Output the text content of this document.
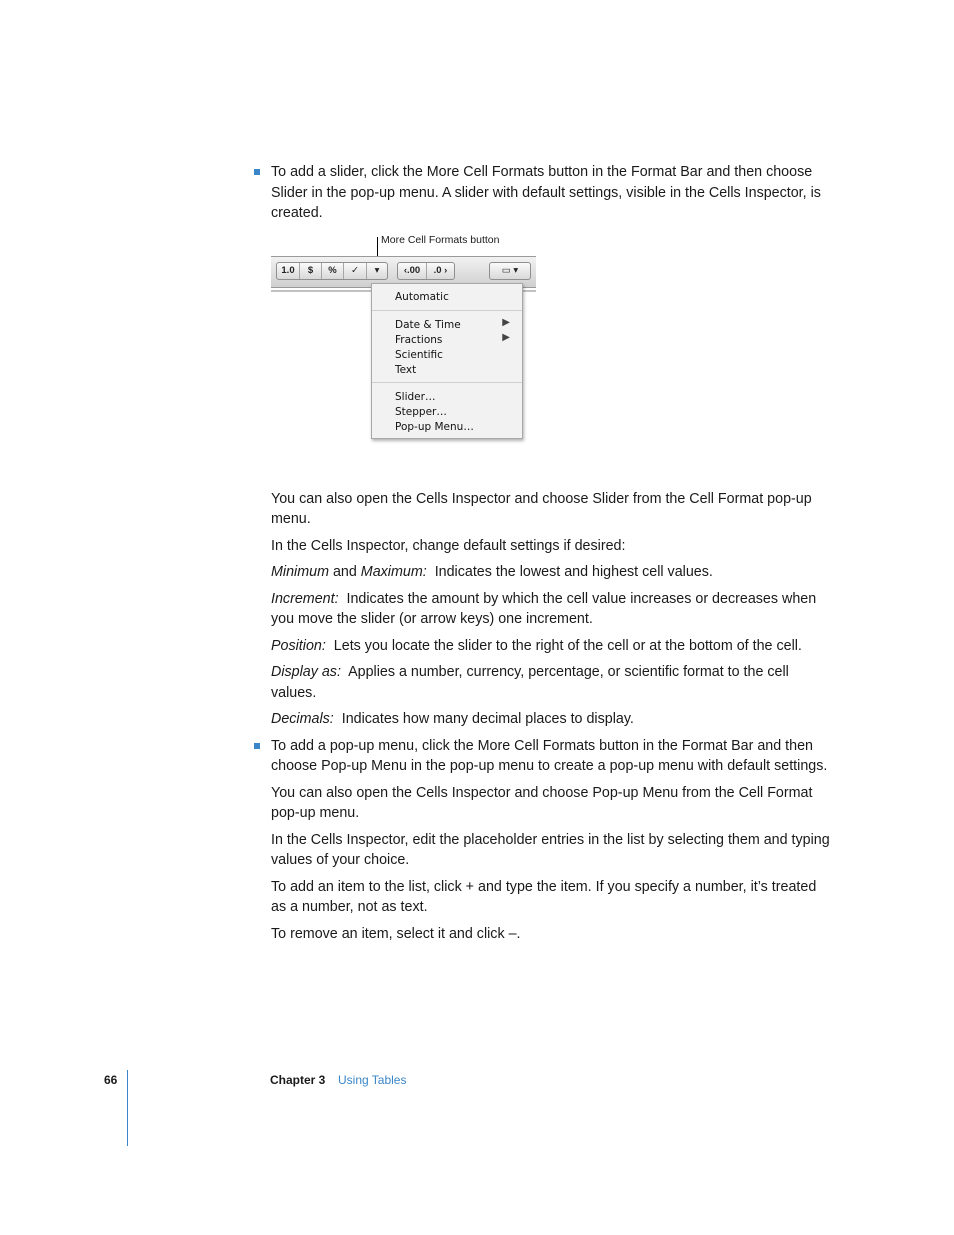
To add a slider, click the More Cell Formats button in the Format Bar and then choose Slider in the pop-up menu. A slider with default settings, visible in the Cells Inspector, is created.
More Cell Formats button
1.0	$	%	✓	▾	‹.00	.0 ›	▭ ▾
Automatic
Date & Time	▶
Fractions	▶
Scientific
Text
Slider…
Stepper…
Pop-up Menu…

You can also open the Cells Inspector and choose Slider from the Cell Format pop-up menu.

In the Cells Inspector, change default settings if desired:

Minimum and Maximum: Indicates the lowest and highest cell values.

Increment: Indicates the amount by which the cell value increases or decreases when you move the slider (or arrow keys) one increment.

Position: Lets you locate the slider to the right of the cell or at the bottom of the cell.

Display as: Applies a number, currency, percentage, or scientific format to the cell values.

Decimals: Indicates how many decimal places to display.

To add a pop-up menu, click the More Cell Formats button in the Format Bar and then choose Pop-up Menu in the pop-up menu to create a pop-up menu with default settings.

You can also open the Cells Inspector and choose Pop-up Menu from the Cell Format pop-up menu.

In the Cells Inspector, edit the placeholder entries in the list by selecting them and typing values of your choice.

To add an item to the list, click + and type the item. If you specify a number, it’s treated as a number, not as text.

To remove an item, select it and click –.

66	Chapter 3 Using Tables
